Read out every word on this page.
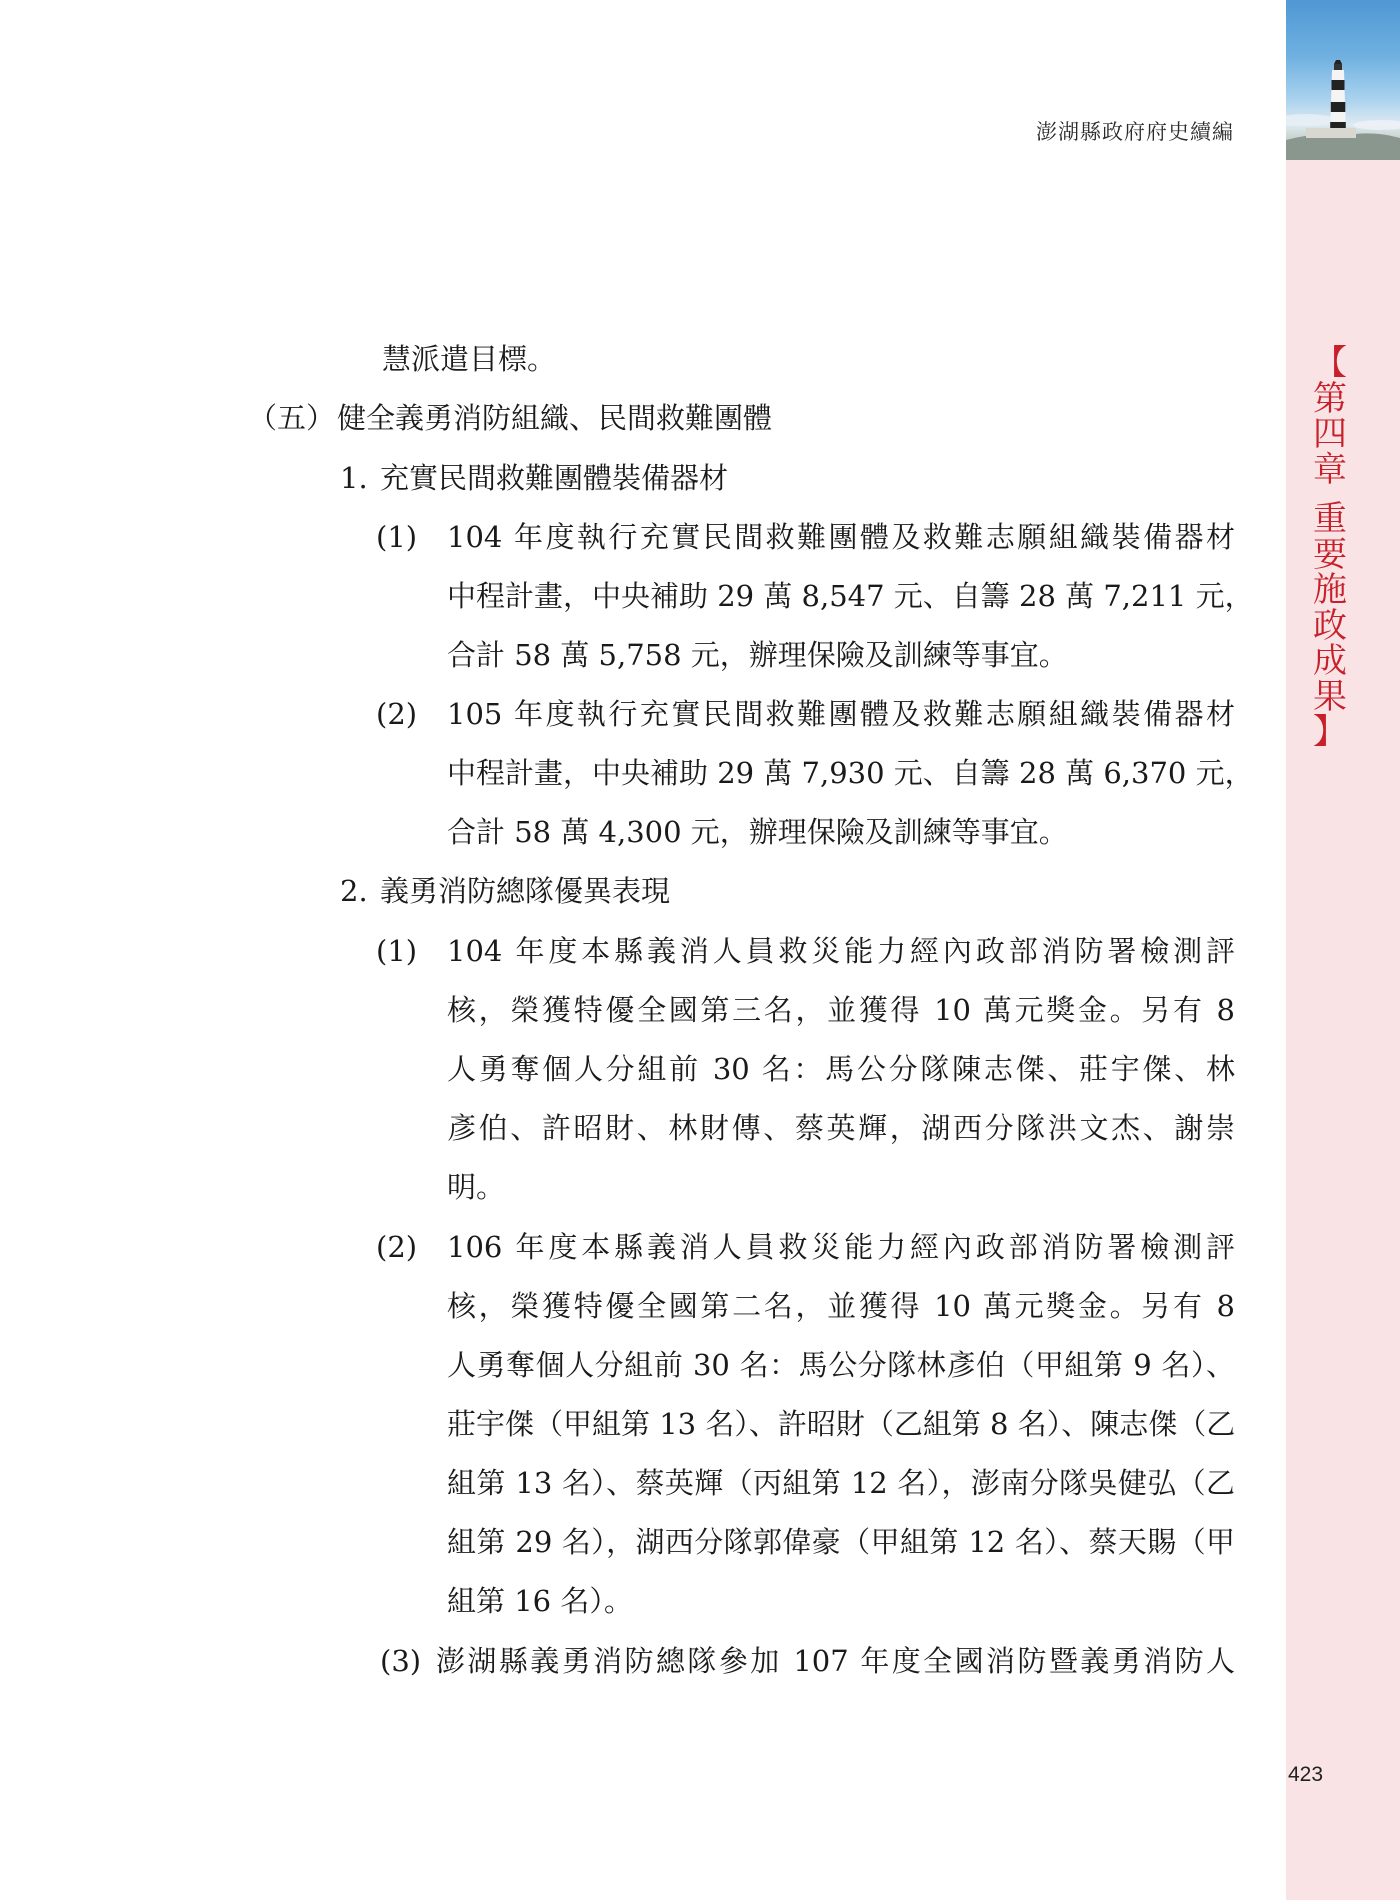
【
第
四
章
重
要
施
政
成
果
】
澎湖縣政府府史續編
慧派遣目標。
（五） 健全義勇消防組織、民間救難團體
1. 充實民間救難團體裝備器材
(1) 104 年度執行充實民間救難團體及救難志願組織裝備器材
中程計畫，中央補助 29 萬 8,547 元、自籌 28 萬 7,211 元，
合計 58 萬 5,758 元，辦理保險及訓練等事宜。
(2) 105 年度執行充實民間救難團體及救難志願組織裝備器材
中程計畫，中央補助 29 萬 7,930 元、自籌 28 萬 6,370 元，
合計 58 萬 4,300 元，辦理保險及訓練等事宜。
2. 義勇消防總隊優異表現
(1) 104 年度本縣義消人員救災能力經內政部消防署檢測評
核，榮獲特優全國第三名，並獲得 10 萬元獎金。另有 8
人勇奪個人分組前 30 名：馬公分隊陳志傑、莊宇傑、林
彥伯、許昭財、林財傳、蔡英輝，湖西分隊洪文杰、謝崇
明。
(2) 106 年度本縣義消人員救災能力經內政部消防署檢測評
核，榮獲特優全國第二名，並獲得 10 萬元獎金。另有 8
人勇奪個人分組前 30 名：馬公分隊林彥伯（甲組第 9 名）、
莊宇傑（甲組第 13 名）、許昭財（乙組第 8 名）、陳志傑（乙
組第 13 名）、蔡英輝（丙組第 12 名），澎南分隊吳健弘（乙
組第 29 名），湖西分隊郭偉豪（甲組第 12 名）、蔡天賜（甲
組第 16 名）。
(3) 澎湖縣義勇消防總隊參加 107 年度全國消防暨義勇消防人
423
